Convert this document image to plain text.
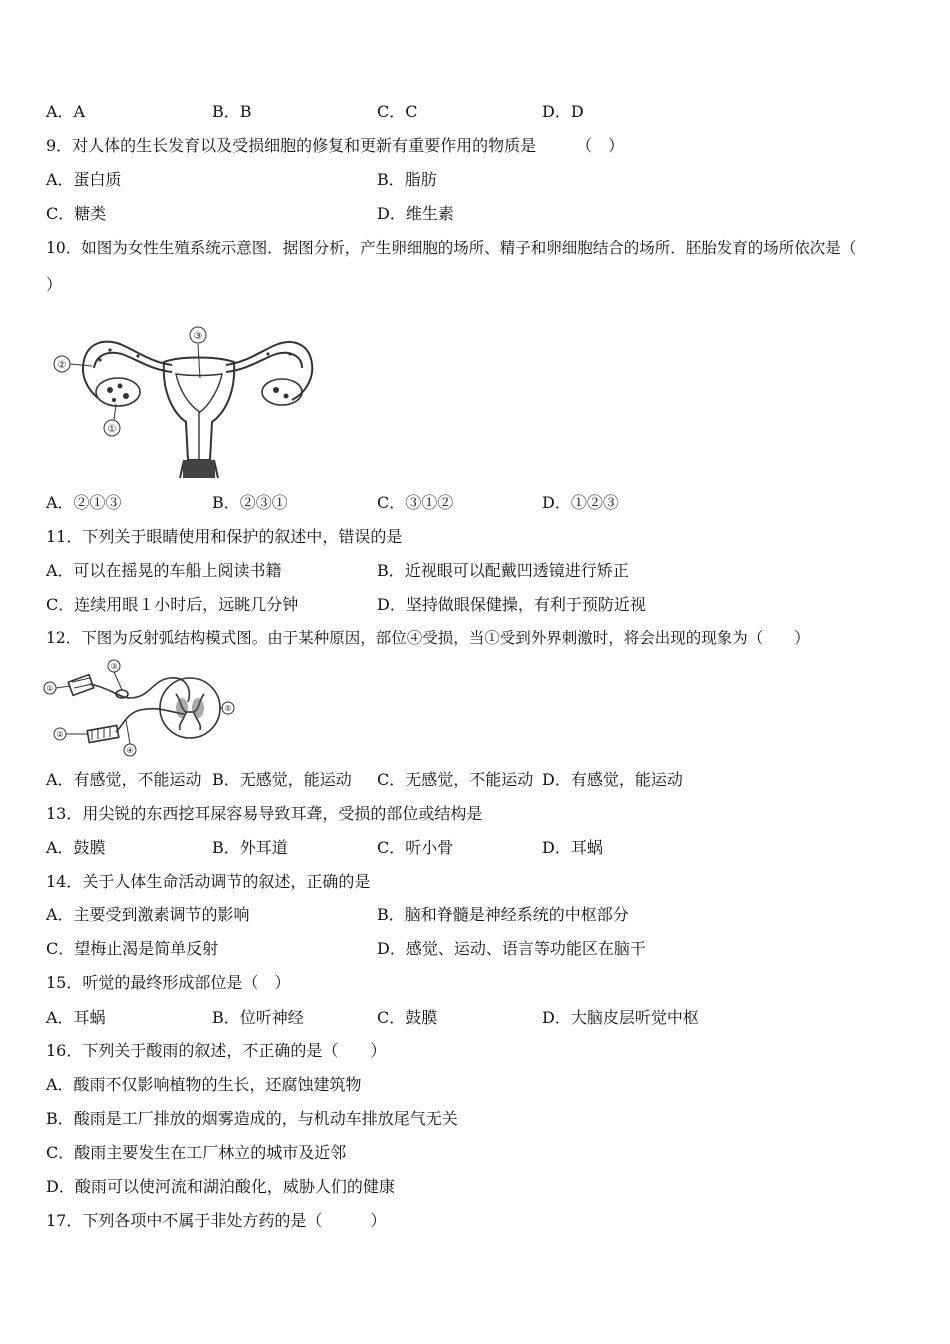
A．A	B．B	C．C	D．D
9．对人体的生长发育以及受损细胞的修复和更新有重要作用的物质是　　　（　）
A．蛋白质	B．脂肪
C．糖类	D．维生素
10．如图为女性生殖系统示意图．据图分析，产生卵细胞的场所、精子和卵细胞结合的场所．胚胎发育的场所依次是（
）
①
②
③
A．②①③	B．②③①	C．③①②	D．①②③
11．下列关于眼睛使用和保护的叙述中，错误的是
A．可以在摇晃的车船上阅读书籍	B．近视眼可以配戴凹透镜进行矫正
C．连续用眼１小时后，远眺几分钟	D．坚持做眼保健操，有利于预防近视
12．下图为反射弧结构模式图。由于某种原因，部位④受损，当①受到外界刺激时，将会出现的现象为（　　）
①
②
③
④
⑤
A．有感觉，不能运动 B．无感觉，能运动 C．无感觉，不能运动 D．有感觉，能运动
13．用尖锐的东西挖耳屎容易导致耳聋，受损的部位或结构是
A．鼓膜	B．外耳道	C．听小骨	D．耳蜗
14．关于人体生命活动调节的叙述，正确的是
A．主要受到激素调节的影响	B．脑和脊髓是神经系统的中枢部分
C．望梅止渴是简单反射	D．感觉、运动、语言等功能区在脑干
15．听觉的最终形成部位是（　）
A．耳蜗	B．位听神经	C．鼓膜	D．大脑皮层听觉中枢
16．下列关于酸雨的叙述，不正确的是（　　）
A．酸雨不仅影响植物的生长，还腐蚀建筑物
B．酸雨是工厂排放的烟雾造成的，与机动车排放尾气无关
C．酸雨主要发生在工厂林立的城市及近邻
D．酸雨可以使河流和湖泊酸化，威胁人们的健康
17．下列各项中不属于非处方药的是（　　　）
